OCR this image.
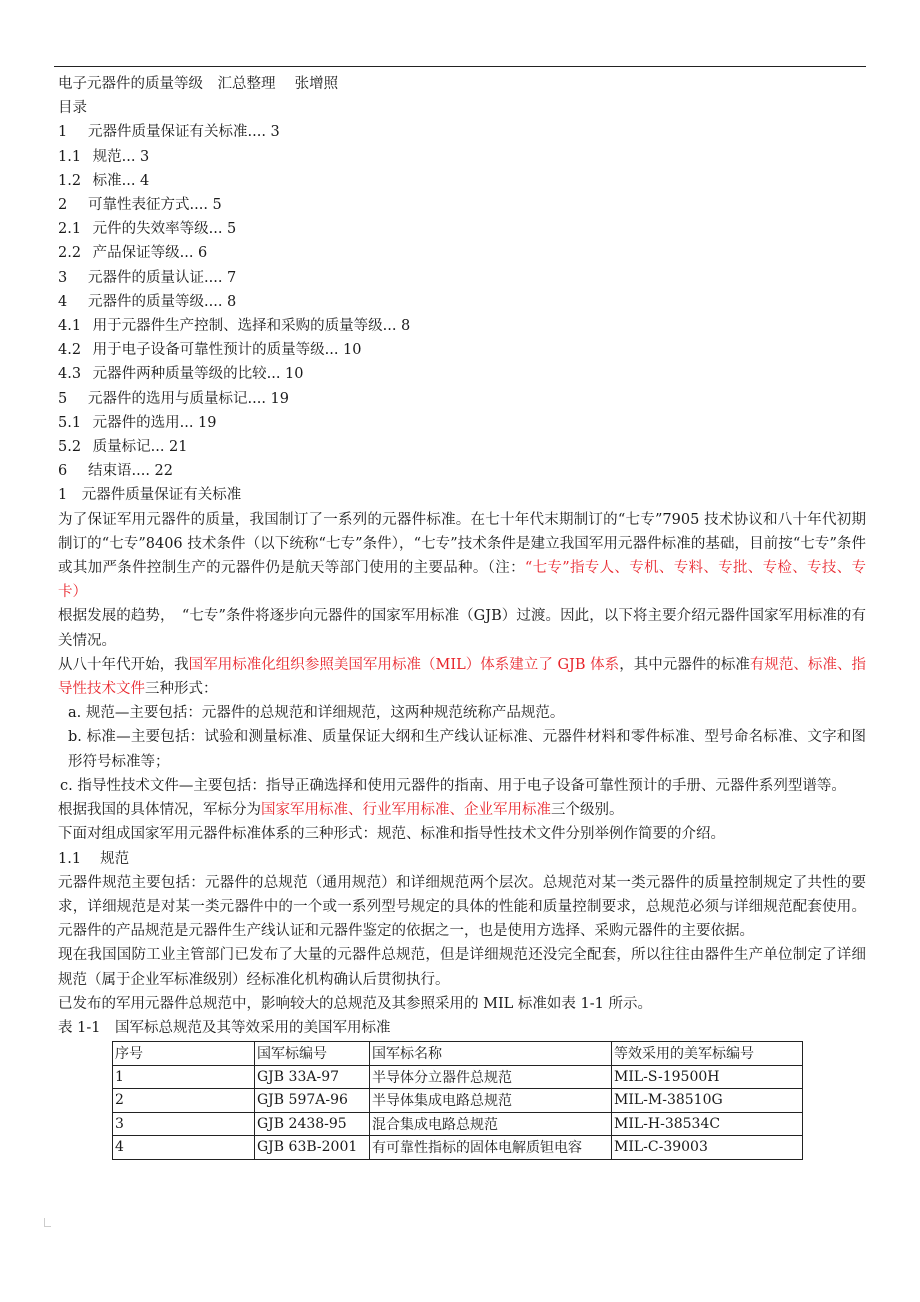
电子元器件的质量等级　汇总整理　 张增照
目录
1 元器件质量保证有关标准.... 3
1.1 规范... 3
1.2 标准... 4
2 可靠性表征方式.... 5
2.1 元件的失效率等级... 5
2.2 产品保证等级... 6
3 元器件的质量认证.... 7
4 元器件的质量等级.... 8
4.1 用于元器件生产控制、选择和采购的质量等级... 8
4.2 用于电子设备可靠性预计的质量等级... 10
4.3 元器件两种质量等级的比较... 10
5 元器件的选用与质量标记.... 19
5.1 元器件的选用... 19
5.2 质量标记... 21
6 结束语.... 22
1　元器件质量保证有关标准
为了保证军用元器件的质量，我国制订了一系列的元器件标准。在七十年代末期制订的“七专”7905 技术协议和八十年代初期制订的“七专”8406 技术条件（以下统称“七专”条件），“七专”技术条件是建立我国军用元器件标准的基础，目前按“七专”条件或其加严条件控制生产的元器件仍是航天等部门使用的主要品种。（注：“七专”指专人、专机、专料、专批、专检、专技、专卡）
根据发展的趋势，　“七专”条件将逐步向元器件的国家军用标准（GJB）过渡。因此，以下将主要介绍元器件国家军用标准的有关情况。
从八十年代开始，我国军用标准化组织参照美国军用标准（MIL）体系建立了 GJB 体系，其中元器件的标准有规范、标准、指导性技术文件三种形式：
a. 规范—主要包括：元器件的总规范和详细规范，这两种规范统称产品规范。
b. 标准—主要包括：试验和测量标准、质量保证大纲和生产线认证标准、元器件材料和零件标准、型号命名标准、文字和图形符号标准等；
c. 指导性技术文件—主要包括：指导正确选择和使用元器件的指南、用于电子设备可靠性预计的手册、元器件系列型谱等。
根据我国的具体情况，军标分为国家军用标准、行业军用标准、企业军用标准三个级别。
下面对组成国家军用元器件标准体系的三种形式：规范、标准和指导性技术文件分别举例作简要的介绍。
1.1　 规范
元器件规范主要包括：元器件的总规范（通用规范）和详细规范两个层次。总规范对某一类元器件的质量控制规定了共性的要求，详细规范是对某一类元器件中的一个或一系列型号规定的具体的性能和质量控制要求，总规范必须与详细规范配套使用。元器件的产品规范是元器件生产线认证和元器件鉴定的依据之一，也是使用方选择、采购元器件的主要依据。
现在我国国防工业主管部门已发布了大量的元器件总规范，但是详细规范还没完全配套，所以往往由器件生产单位制定了详细规范（属于企业军标准级别）经标准化机构确认后贯彻执行。
已发布的军用元器件总规范中，影响较大的总规范及其参照采用的 MIL 标准如表 1-1 所示。
表 1-1　国军标总规范及其等效采用的美国军用标准
序号	国军标编号	国军标名称	等效采用的美军标编号
1	GJB 33A-97	半导体分立器件总规范	MIL-S-19500H
2	GJB 597A-96	半导体集成电路总规范	MIL-M-38510G
3	GJB 2438-95	混合集成电路总规范	MIL-H-38534C
4	GJB 63B-2001	有可靠性指标的固体电解质钽电容	MIL-C-39003
